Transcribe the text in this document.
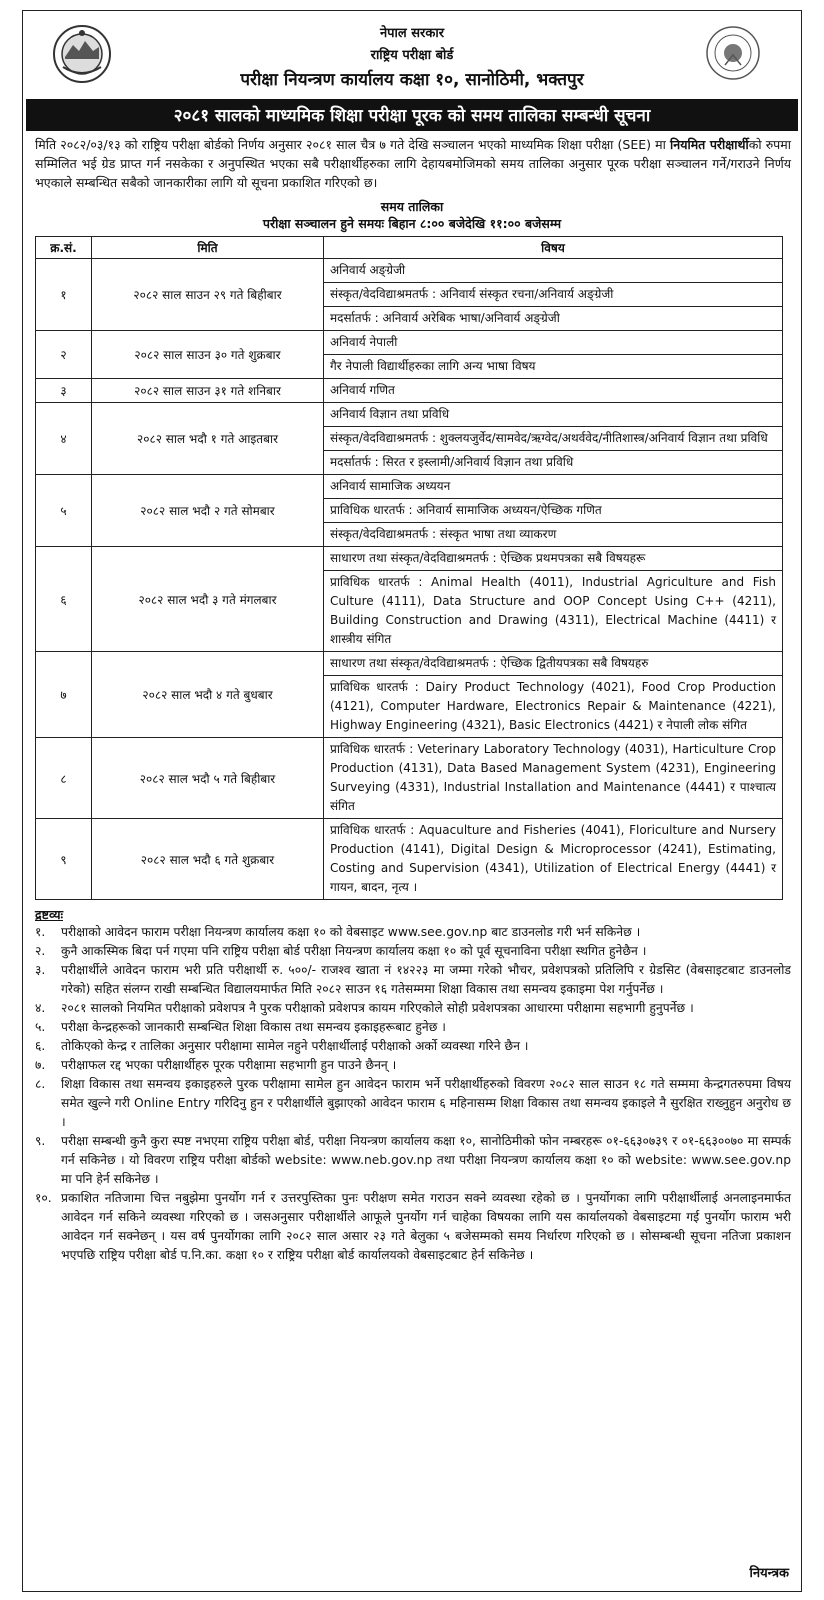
नेपाल सरकार
राष्ट्रिय परीक्षा बोर्ड
परीक्षा नियन्त्रण कार्यालय कक्षा १०, सानोठिमी, भक्तपुर
२०८१ सालको माध्यमिक शिक्षा परीक्षा पूरक को समय तालिका सम्बन्धी सूचना
मिति २०८२/०३/१३ को राष्ट्रिय परीक्षा बोर्डको निर्णय अनुसार २०८१ साल चैत्र ७ गते देखि सञ्चालन भएको माध्यमिक शिक्षा परीक्षा (SEE) मा नियमित परीक्षार्थीको रुपमा सम्मिलित भई ग्रेड प्राप्त गर्न नसकेका र अनुपस्थित भएका सबै परीक्षार्थीहरुका लागि देहायबमोजिमको समय तालिका अनुसार पूरक परीक्षा सञ्चालन गर्ने/गराउने निर्णय भएकाले सम्बन्धित सबैको जानकारीका लागि यो सूचना प्रकाशित गरिएको छ।
समय तालिका
परीक्षा सञ्चालन हुने समयः बिहान ८:०० बजेदेखि ११:०० बजेसम्म
क्र.सं.	मिति	विषय
१	२०८२ साल साउन २९ गते बिहीबार	अनिवार्य अङ्ग्रेजी
संस्कृत/वेदविद्याश्रमतर्फ : अनिवार्य संस्कृत रचना/अनिवार्य अङ्ग्रेजी
मदर्सातर्फ : अनिवार्य अरेबिक भाषा/अनिवार्य अङ्ग्रेजी

२	२०८२ साल साउन ३० गते शुक्रबार	अनिवार्य नेपाली
गैर नेपाली विद्यार्थीहरुका लागि अन्य भाषा विषय

३	२०८२ साल साउन ३१ गते शनिबार	अनिवार्य गणित

४	२०८२ साल भदौ १ गते आइतबार	अनिवार्य विज्ञान तथा प्रविधि
संस्कृत/वेदविद्याश्रमतर्फ : शुक्लयजुर्वेद/सामवेद/ऋग्वेद/अथर्ववेद/नीतिशास्त्र/अनिवार्य विज्ञान तथा प्रविधि
मदर्सातर्फ : सिरत र इस्लामी/अनिवार्य विज्ञान तथा प्रविधि

५	२०८२ साल भदौ २ गते सोमबार	अनिवार्य सामाजिक अध्ययन
प्राविधिक धारतर्फ : अनिवार्य सामाजिक अध्ययन/ऐच्छिक गणित
संस्कृत/वेदविद्याश्रमतर्फ : संस्कृत भाषा तथा व्याकरण

६	२०८२ साल भदौ ३ गते मंगलबार	साधारण तथा संस्कृत/वेदविद्याश्रमतर्फ : ऐच्छिक प्रथमपत्रका सबै विषयहरू
प्राविधिक धारतर्फ : Animal Health (4011), Industrial Agriculture and Fish Culture (4111), Data Structure and OOP Concept Using C++ (4211), Building Construction and Drawing (4311), Electrical Machine (4411) र शास्त्रीय संगित

७	२०८२ साल भदौ ४ गते बुधबार	साधारण तथा संस्कृत/वेदविद्याश्रमतर्फ : ऐच्छिक द्वितीयपत्रका सबै विषयहरु
प्राविधिक धारतर्फ : Dairy Product Technology (4021), Food Crop Production (4121), Computer Hardware, Electronics Repair & Maintenance (4221), Highway Engineering (4321), Basic Electronics (4421) र नेपाली लोक संगित

८	२०८२ साल भदौ ५ गते बिहीबार	प्राविधिक धारतर्फ : Veterinary Laboratory Technology (4031), Harticulture Crop Production (4131), Data Based Management System (4231), Engineering Surveying (4331), Industrial Installation and Maintenance (4441) र पाश्चात्य संगित

९	२०८२ साल भदौ ६ गते शुक्रबार	प्राविधिक धारतर्फ : Aquaculture and Fisheries (4041), Floriculture and Nursery Production (4141), Digital Design & Microprocessor (4241), Estimating, Costing and Supervision (4341), Utilization of Electrical Energy (4441) र गायन, बादन, नृत्य ।
द्रष्टव्यः
१.	परीक्षाको आवेदन फाराम परीक्षा नियन्त्रण कार्यालय कक्षा १० को वेबसाइट www.see.gov.np बाट डाउनलोड गरी भर्न सकिनेछ ।
२.	कुनै आकस्मिक बिदा पर्न गएमा पनि राष्ट्रिय परीक्षा बोर्ड परीक्षा नियन्त्रण कार्यालय कक्षा १० को पूर्व सूचनाविना परीक्षा स्थगित हुनेछैन ।
३.	परीक्षार्थीले आवेदन फाराम भरी प्रति परीक्षार्थी रु. ५००/- राजश्व खाता नं १४२२३ मा जम्मा गरेको भौचर, प्रवेशपत्रको प्रतिलिपि र ग्रेडसिट (वेबसाइटबाट डाउनलोड गरेको) सहित संलग्न राखी सम्बन्धित विद्यालयमार्फत मिति २०८२ साउन १६ गतेसम्ममा शिक्षा विकास तथा समन्वय इकाइमा पेश गर्नुपर्नेछ ।
४.	२०८१ सालको नियमित परीक्षाको प्रवेशपत्र नै पुरक परीक्षाको प्रवेशपत्र कायम गरिएकोले सोही प्रवेशपत्रका आधारमा परीक्षामा सहभागी हुनुपर्नेछ ।
५.	परीक्षा केन्द्रहरूको जानकारी सम्बन्धित शिक्षा विकास तथा समन्वय इकाइहरूबाट हुनेछ ।
६.	तोकिएको केन्द्र र तालिका अनुसार परीक्षामा सामेल नहुने परीक्षार्थीलाई परीक्षाको अर्को व्यवस्था गरिने छैन ।
७.	परीक्षाफल रद्द भएका परीक्षार्थीहरु पूरक परीक्षामा सहभागी हुन पाउने छैनन् ।
८.	शिक्षा विकास तथा समन्वय इकाइहरुले पुरक परीक्षामा सामेल हुन आवेदन फाराम भर्ने परीक्षार्थीहरुको विवरण २०८२ साल साउन १८ गते सम्ममा केन्द्रगतरुपमा विषय समेत खुल्ने गरी Online Entry गरिदिनु हुन र परीक्षार्थीले बुझाएको आवेदन फाराम ६ महिनासम्म शिक्षा विकास तथा समन्वय इकाइले नै सुरक्षित राख्नुहुन अनुरोध छ ।
९.	परीक्षा सम्बन्धी कुनै कुरा स्पष्ट नभएमा राष्ट्रिय परीक्षा बोर्ड, परीक्षा नियन्त्रण कार्यालय कक्षा १०, सानोठिमीको फोन नम्बरहरू ०१-६६३०७३९ र ०१-६६३००७० मा सम्पर्क गर्न सकिनेछ । यो विवरण राष्ट्रिय परीक्षा बोर्डको website: www.neb.gov.np तथा परीक्षा नियन्त्रण कार्यालय कक्षा १० को website: www.see.gov.np मा पनि हेर्न सकिनेछ ।
१०. प्रकाशित नतिजामा चित्त नबुझेमा पुनर्योग गर्न र उत्तरपुस्तिका पुनः परीक्षण समेत गराउन सक्ने व्यवस्था रहेको छ । पुनर्योगका लागि परीक्षार्थीलाई अनलाइनमार्फत आवेदन गर्न सकिने व्यवस्था गरिएको छ । जसअनुसार परीक्षार्थीले आफूले पुनर्योग गर्न चाहेका विषयका लागि यस कार्यालयको वेबसाइटमा गई पुनर्योग फाराम भरी आवेदन गर्न सक्नेछन् । यस वर्ष पुनर्योगका लागि २०८२ साल असार २३ गते बेलुका ५ बजेसम्मको समय निर्धारण गरिएको छ । सोसम्बन्धी सूचना नतिजा प्रकाशन भएपछि राष्ट्रिय परीक्षा बोर्ड प.नि.का. कक्षा १० र राष्ट्रिय परीक्षा बोर्ड कार्यालयको वेबसाइटबाट हेर्न सकिनेछ ।
नियन्त्रक
